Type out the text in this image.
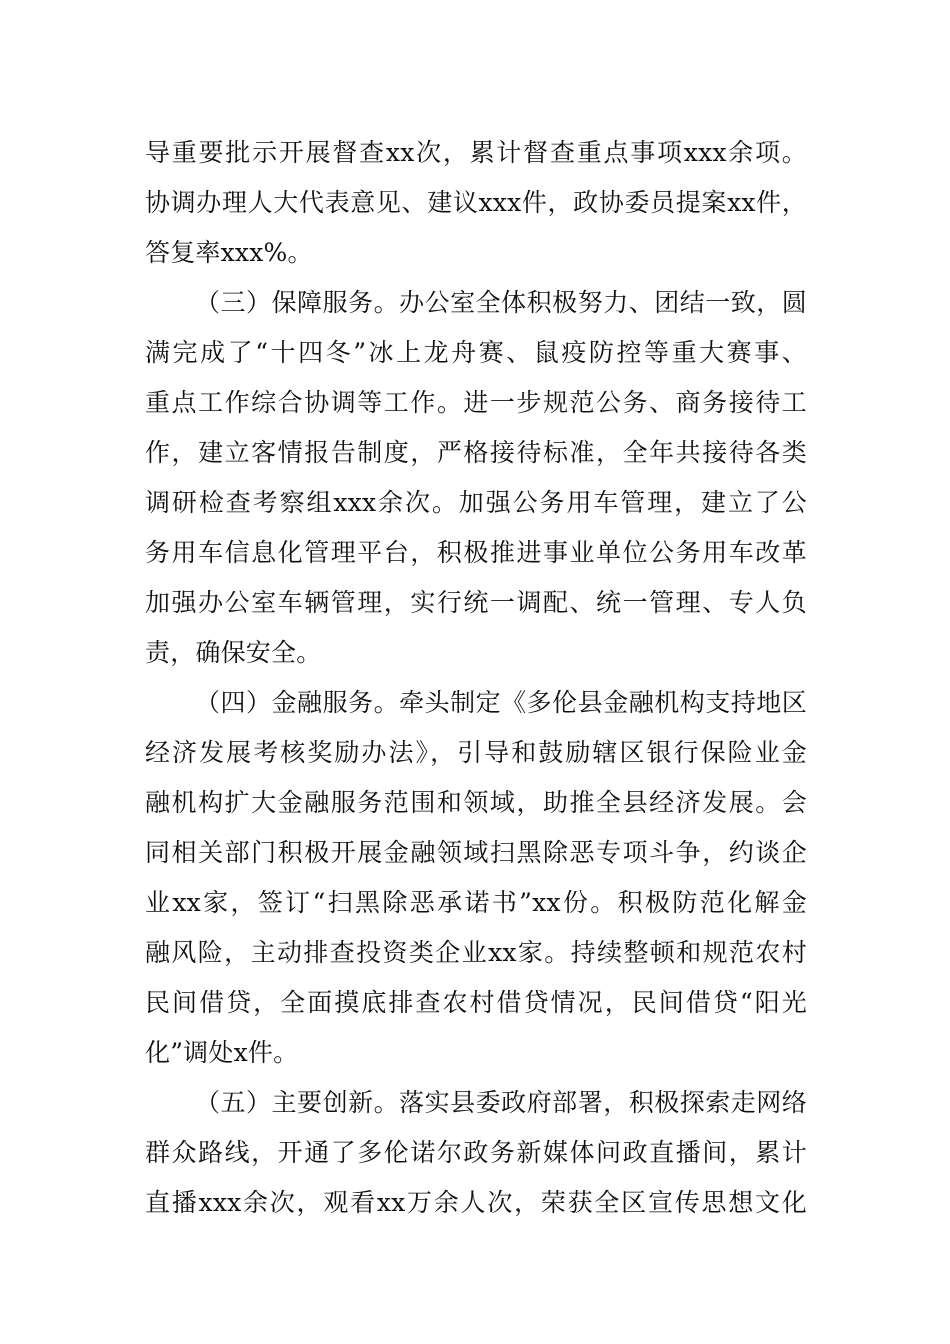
导重要批示开展督查xx次，累计督查重点事项xxx余项。
协调办理人大代表意见、建议xxx件，政协委员提案xx件，
答复率xxx%。
（三）保障服务。办公室全体积极努力、团结一致，圆
满完成了“十四冬”冰上龙舟赛、鼠疫防控等重大赛事、
重点工作综合协调等工作。进一步规范公务、商务接待工
作，建立客情报告制度，严格接待标准，全年共接待各类
调研检查考察组xxx余次。加强公务用车管理，建立了公
务用车信息化管理平台，积极推进事业单位公务用车改革
加强办公室车辆管理，实行统一调配、统一管理、专人负
责，确保安全。
（四）金融服务。牵头制定《多伦县金融机构支持地区
经济发展考核奖励办法》，引导和鼓励辖区银行保险业金
融机构扩大金融服务范围和领域，助推全县经济发展。会
同相关部门积极开展金融领域扫黑除恶专项斗争，约谈企
业xx家，签订“扫黑除恶承诺书”xx份。积极防范化解金
融风险，主动排查投资类企业xx家。持续整顿和规范农村
民间借贷，全面摸底排查农村借贷情况，民间借贷“阳光
化”调处x件。
（五）主要创新。落实县委政府部署，积极探索走网络
群众路线，开通了多伦诺尔政务新媒体问政直播间，累计
直播xxx余次，观看xx万余人次，荣获全区宣传思想文化
